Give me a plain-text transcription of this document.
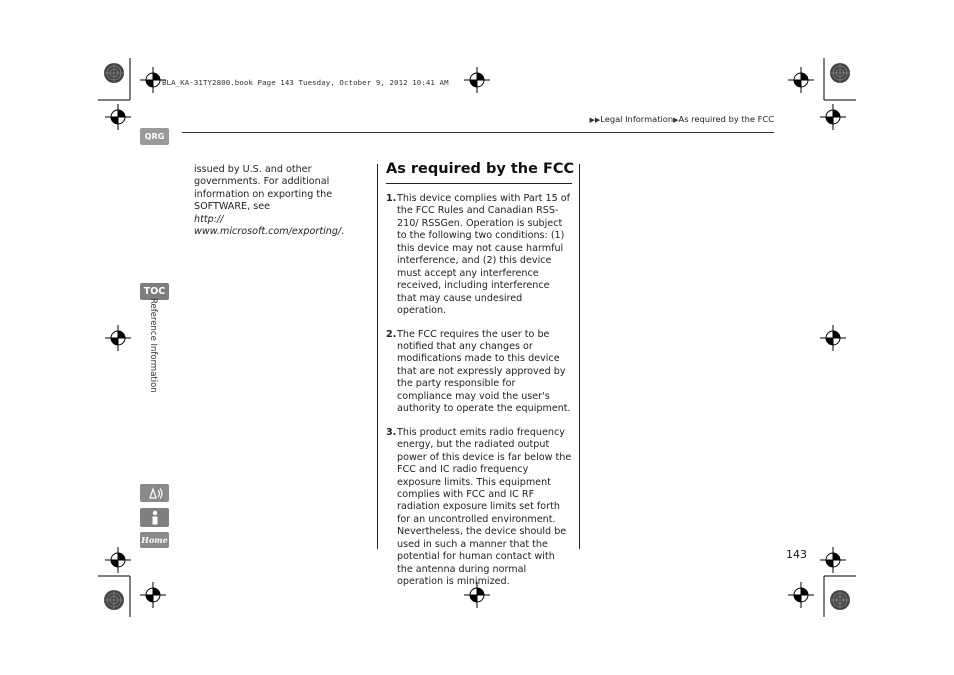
BLA_KA-31TY2800.book Page 143 Tuesday, October 9, 2012 10:41 AM
▶▶Legal Information▶As required by the FCC
QRG
TOC
Reference Information
Home
issued by U.S. and other governments. For additional information on exporting the SOFTWARE, see
http:// www.microsoft.com/exporting/.
As required by the FCC
1. This device complies with Part 15 of the FCC Rules and Canadian RSS-210/ RSSGen. Operation is subject to the following two conditions: (1) this device may not cause harmful interference, and (2) this device must accept any interference received, including interference that may cause undesired operation.
2. The FCC requires the user to be notified that any changes or modifications made to this device that are not expressly approved by the party responsible for compliance may void the user's authority to operate the equipment.
3. This product emits radio frequency energy, but the radiated output power of this device is far below the FCC and IC radio frequency exposure limits. This equipment complies with FCC and IC RF radiation exposure limits set forth for an uncontrolled environment. Nevertheless, the device should be used in such a manner that the potential for human contact with the antenna during normal operation is minimized.
143
